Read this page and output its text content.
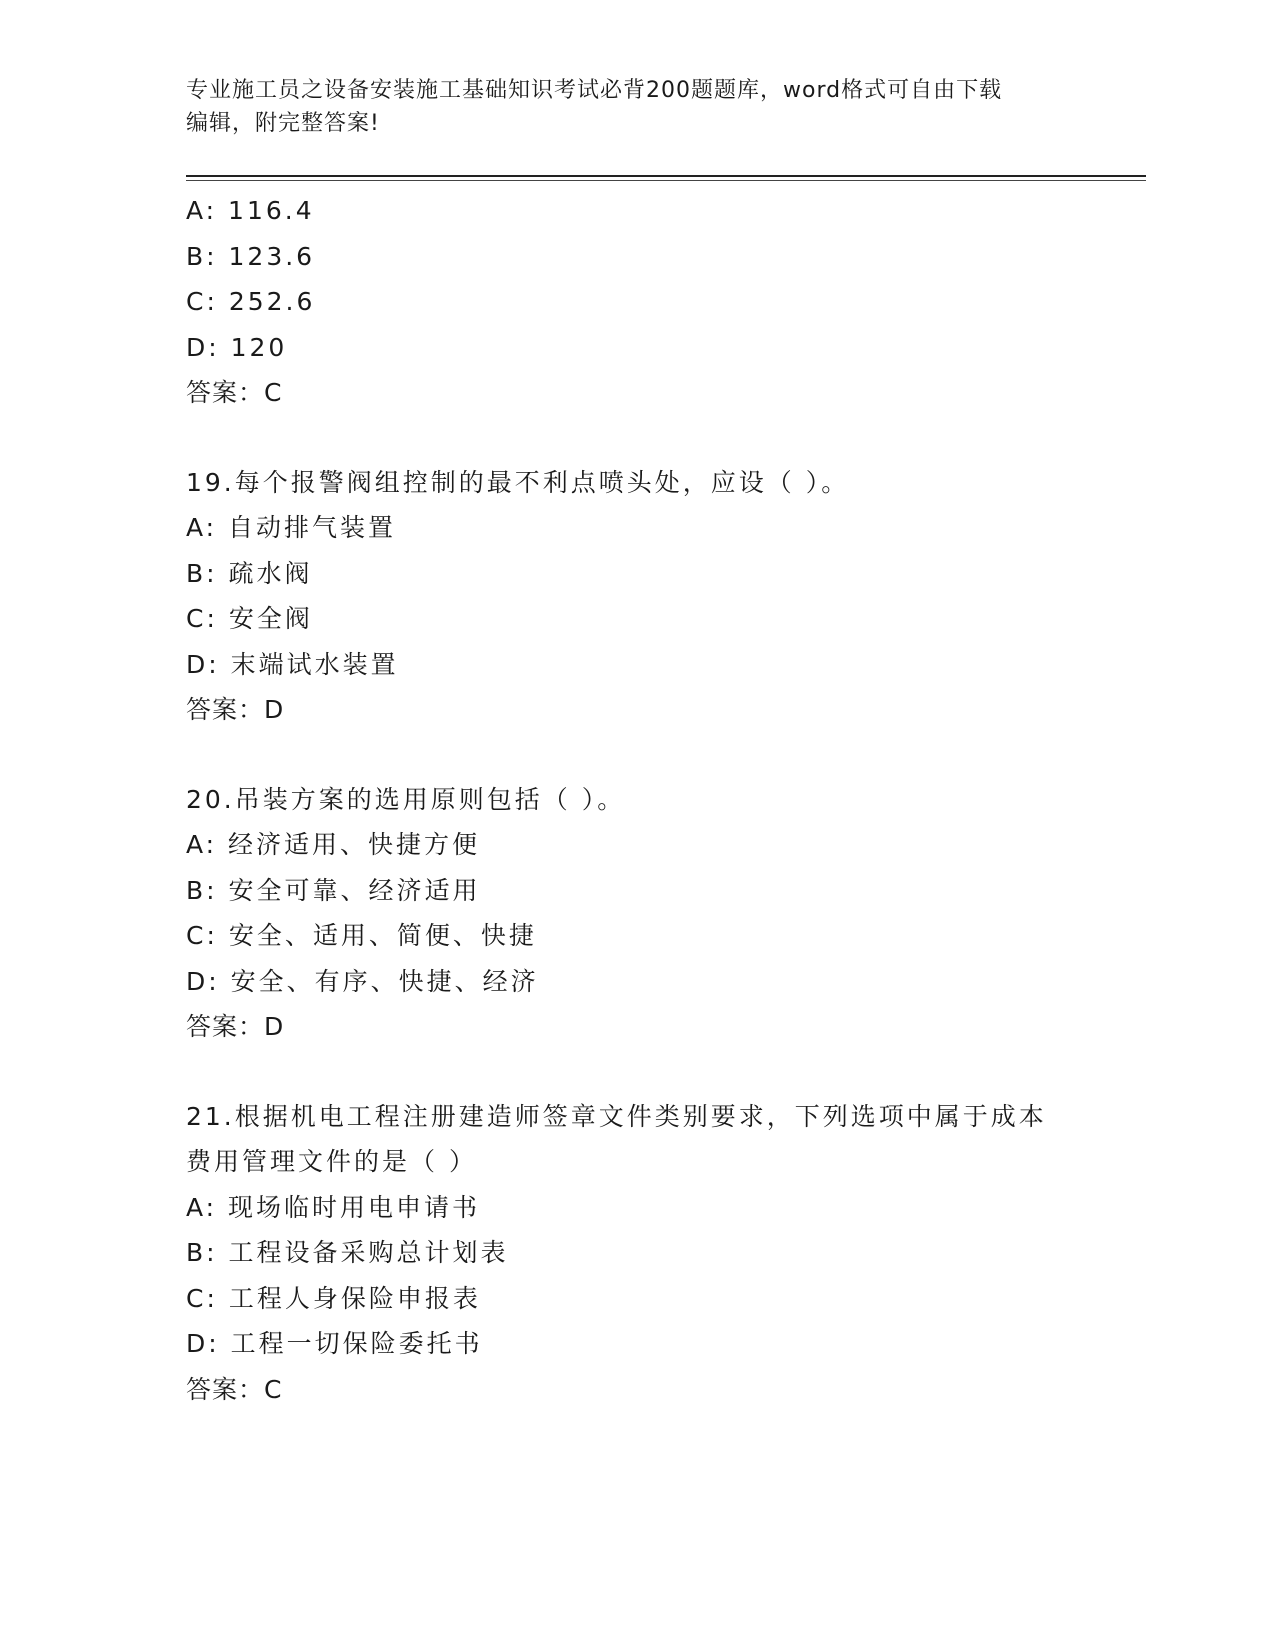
专业施工员之设备安装施工基础知识考试必背200题题库，word格式可自由下载
编辑，附完整答案!
A: 116.4
B: 123.6
C: 252.6
D: 120
答案：C
19.每个报警阀组控制的最不利点喷头处，应设（ ）。
A: 自动排气装置
B: 疏水阀
C: 安全阀
D: 末端试水装置
答案：D
20.吊装方案的选用原则包括（ ）。
A: 经济适用、快捷方便
B: 安全可靠、经济适用
C: 安全、适用、简便、快捷
D: 安全、有序、快捷、经济
答案：D
21.根据机电工程注册建造师签章文件类别要求，下列选项中属于成本
费用管理文件的是（ ）
A: 现场临时用电申请书
B: 工程设备采购总计划表
C: 工程人身保险申报表
D: 工程一切保险委托书
答案：C
